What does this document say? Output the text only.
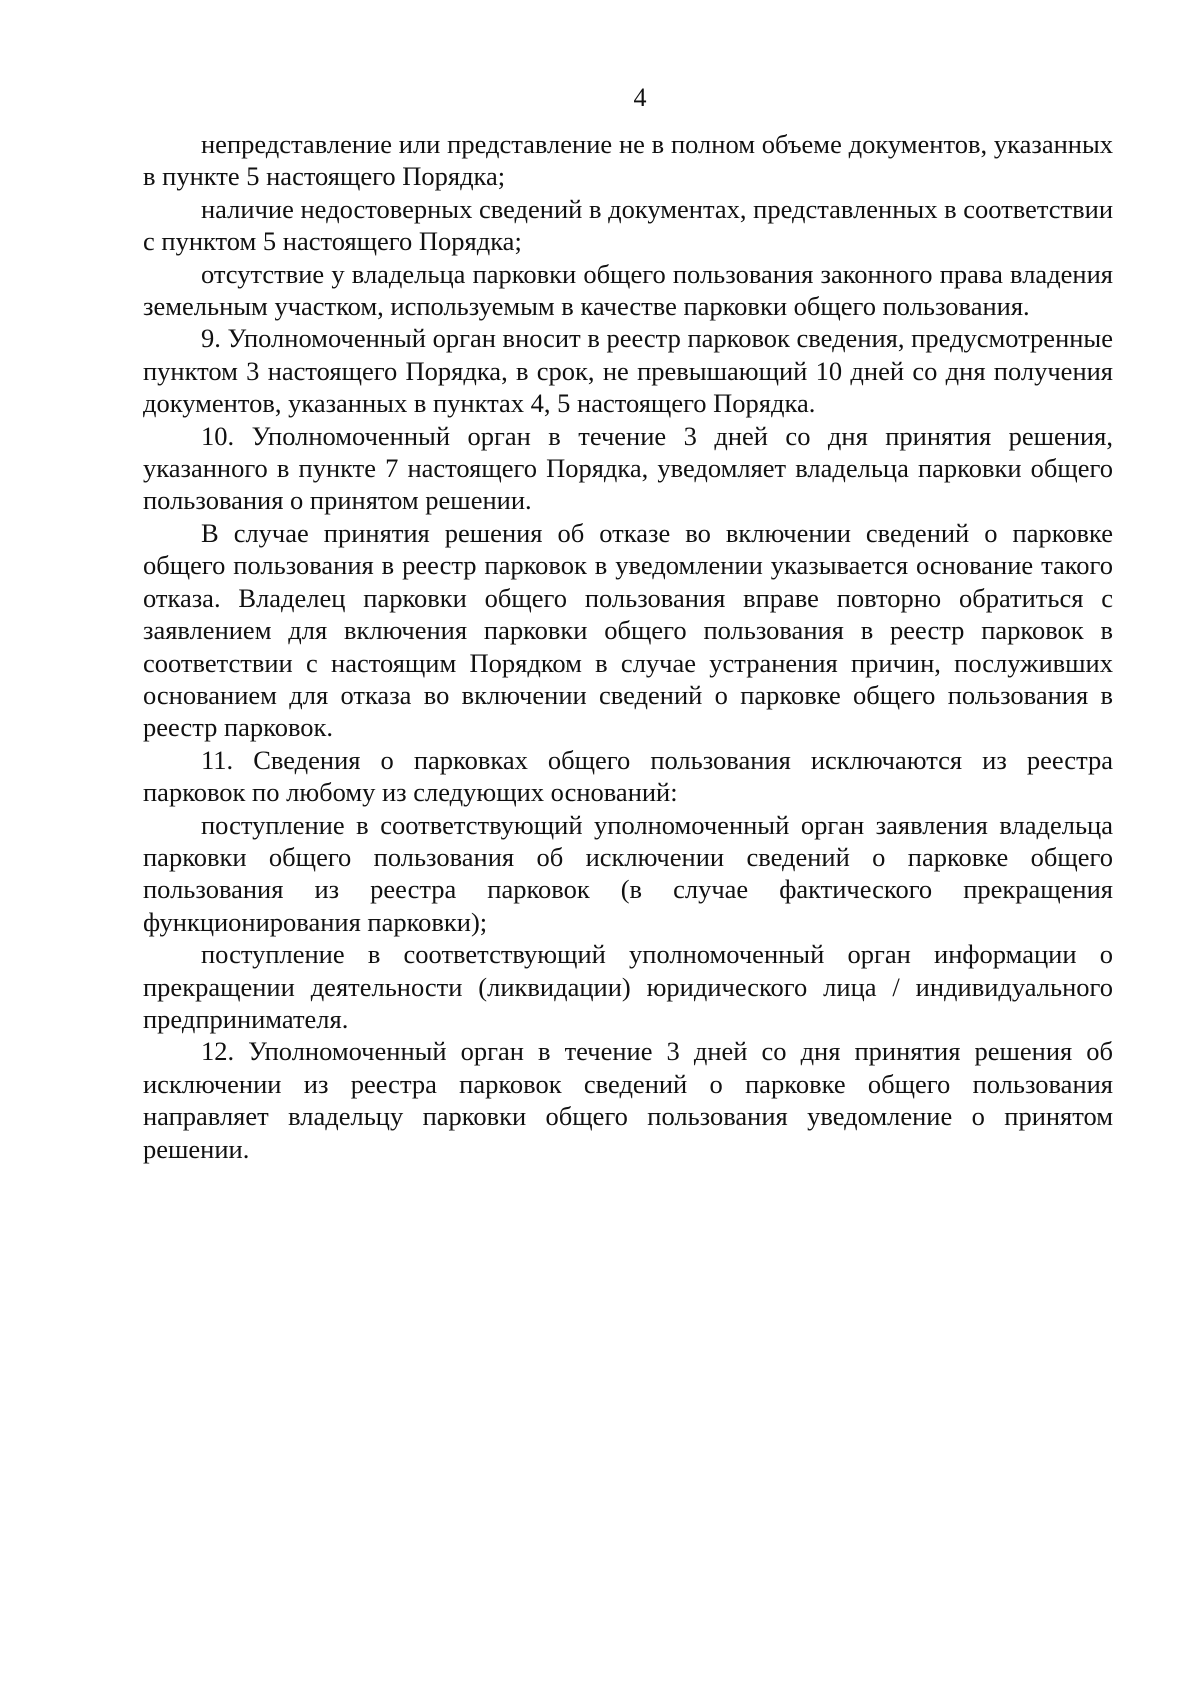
4

непредставление или представление не в полном объеме документов, указанных в пункте 5 настоящего Порядка;

наличие недостоверных сведений в документах, представленных в соответствии с пунктом 5 настоящего Порядка;

отсутствие у владельца парковки общего пользования законного права владения земельным участком, используемым в качестве парковки общего пользования.

9. Уполномоченный орган вносит в реестр парковок сведения, предусмотренные пунктом 3 настоящего Порядка, в срок, не превышающий 10 дней со дня получения документов, указанных в пунктах 4, 5 настоящего Порядка.

10. Уполномоченный орган в течение 3 дней со дня принятия решения, указанного в пункте 7 настоящего Порядка, уведомляет владельца парковки общего пользования о принятом решении.

В случае принятия решения об отказе во включении сведений о парковке общего пользования в реестр парковок в уведомлении указывается основание такого отказа. Владелец парковки общего пользования вправе повторно обратиться с заявлением для включения парковки общего пользования в реестр парковок в соответствии с настоящим Порядком в случае устранения причин, послуживших основанием для отказа во включении сведений о парковке общего пользования в реестр парковок.

11. Сведения о парковках общего пользования исключаются из реестра парковок по любому из следующих оснований:

поступление в соответствующий уполномоченный орган заявления владельца парковки общего пользования об исключении сведений о парковке общего пользования из реестра парковок (в случае фактического прекращения функционирования парковки);

поступление в соответствующий уполномоченный орган информации о прекращении деятельности (ликвидации) юридического лица / индивидуального предпринимателя.

12. Уполномоченный орган в течение 3 дней со дня принятия решения об исключении из реестра парковок сведений о парковке общего пользования направляет владельцу парковки общего пользования уведомление о принятом решении.
